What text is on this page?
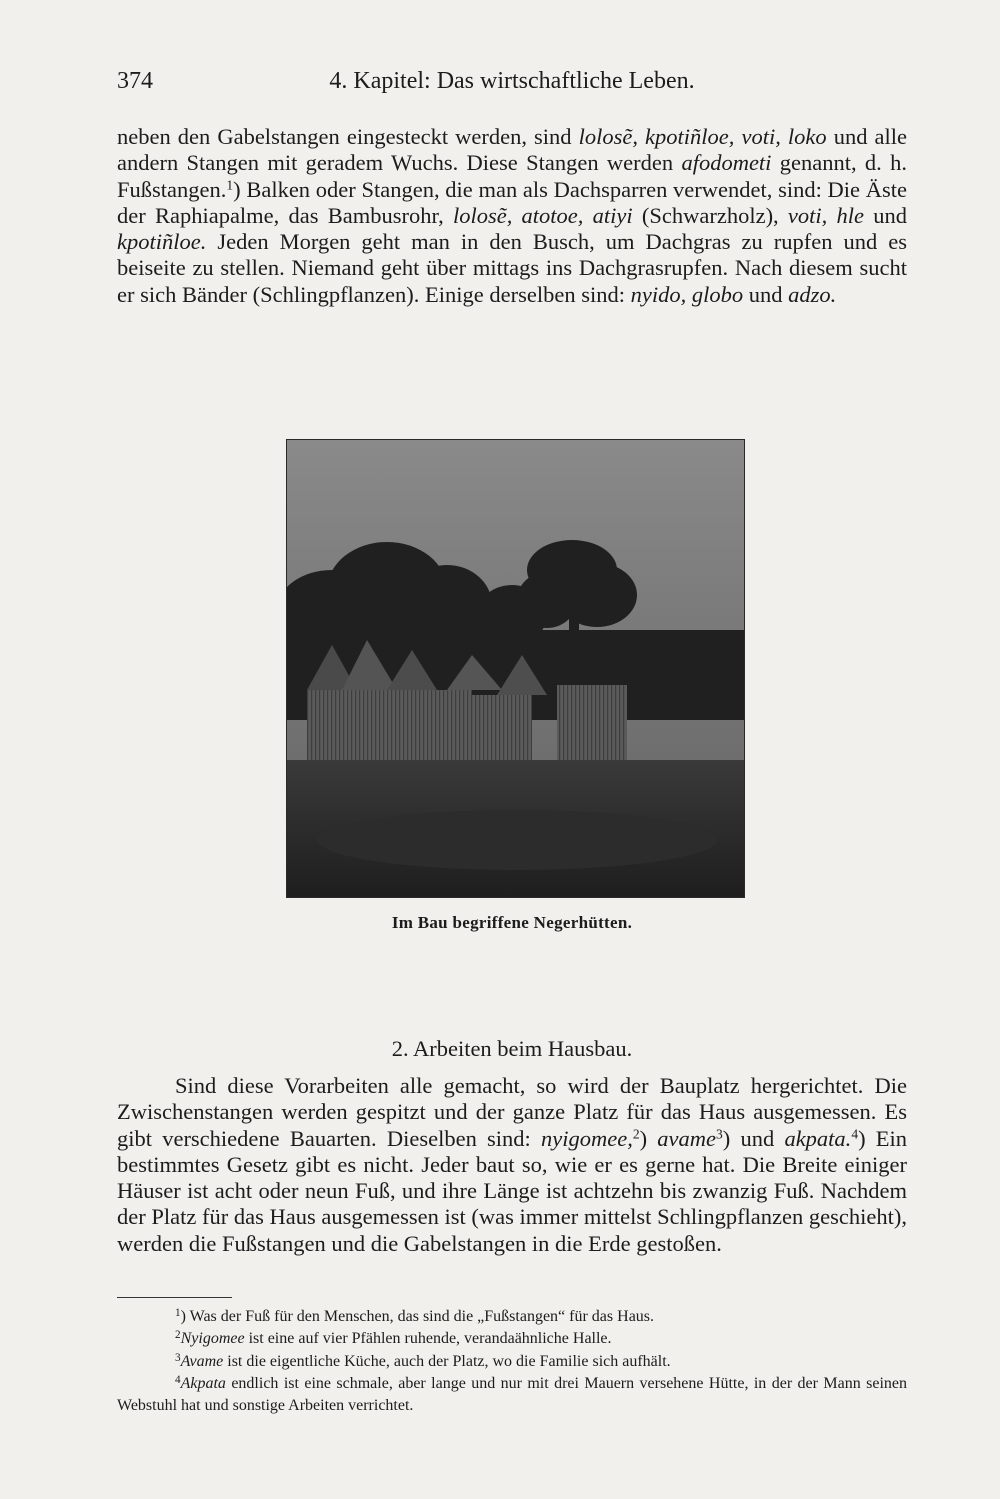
374	4. Kapitel: Das wirtschaftliche Leben.

neben den Gabelstangen eingesteckt werden, sind lolosẽ, kpotiñloe, voti, loko und alle andern Stangen mit geradem Wuchs. Diese Stangen werden afodometi genannt, d. h. Fußstangen.$^1$) Balken oder Stangen, die man als Dachsparren verwendet, sind: Die Äste der Raphiapalme, das Bambusrohr, lolosẽ, atotoe, atiyi (Schwarzholz), voti, hle und kpotiñloe. Jeden Morgen geht man in den Busch, um Dachgras zu rupfen und es beiseite zu stellen. Niemand geht über mittags ins Dachgrasrupfen. Nach diesem sucht er sich Bänder (Schlingpflanzen). Einige derselben sind: nyido, globo und adzo.

Im Bau begriffene Negerhütten.
2. Arbeiten beim Hausbau.

Sind diese Vorarbeiten alle gemacht, so wird der Bauplatz hergerichtet. Die Zwischenstangen werden gespitzt und der ganze Platz für das Haus ausgemessen. Es gibt verschiedene Bauarten. Dieselben sind: nyigomee,$^2$) avame$^3$) und akpata.$^4$) Ein bestimmtes Gesetz gibt es nicht. Jeder baut so, wie er es gerne hat. Die Breite einiger Häuser ist acht oder neun Fuß, und ihre Länge ist achtzehn bis zwanzig Fuß. Nachdem der Platz für das Haus ausgemessen ist (was immer mittelst Schlingpflanzen geschieht), werden die Fußstangen und die Gabelstangen in die Erde gestoßen.

$^1$) Was der Fuß für den Menschen, das sind die „Fußstangen“ für das Haus.

$^2$Nyigomee ist eine auf vier Pfählen ruhende, verandaähnliche Halle.

$^3$Avame ist die eigentliche Küche, auch der Platz, wo die Familie sich aufhält.

$^4$Akpata endlich ist eine schmale, aber lange und nur mit drei Mauern versehene Hütte, in der der Mann seinen Webstuhl hat und sonstige Arbeiten verrichtet.
